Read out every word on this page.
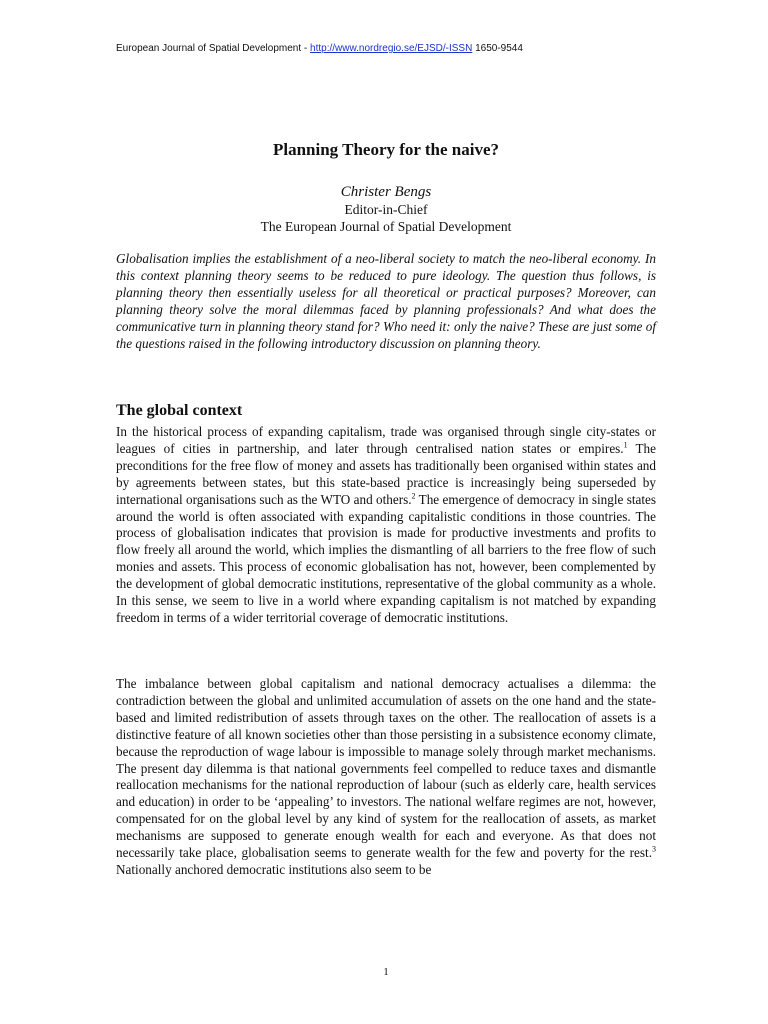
European Journal of Spatial Development - http://www.nordregio.se/EJSD/-ISSN 1650-9544
Planning Theory for the naive?
Christer Bengs
Editor-in-Chief
The European Journal of Spatial Development
Globalisation implies the establishment of a neo-liberal society to match the neo-liberal economy. In this context planning theory seems to be reduced to pure ideology. The question thus follows, is planning theory then essentially useless for all theoretical or practical purposes? Moreover, can planning theory solve the moral dilemmas faced by planning professionals? And what does the communicative turn in planning theory stand for? Who need it: only the naive? These are just some of the questions raised in the following introductory discussion on planning theory.
The global context
In the historical process of expanding capitalism, trade was organised through single city-states or leagues of cities in partnership, and later through centralised nation states or empires.$^1$ The preconditions for the free flow of money and assets has traditionally been organised within states and by agreements between states, but this state-based practice is increasingly being superseded by international organisations such as the WTO and others.$^2$ The emergence of democracy in single states around the world is often associated with expanding capitalistic conditions in those countries. The process of globalisation indicates that provision is made for productive investments and profits to flow freely all around the world, which implies the dismantling of all barriers to the free flow of such monies and assets. This process of economic globalisation has not, however, been complemented by the development of global democratic institutions, representative of the global community as a whole. In this sense, we seem to live in a world where expanding capitalism is not matched by expanding freedom in terms of a wider territorial coverage of democratic institutions.
The imbalance between global capitalism and national democracy actualises a dilemma: the contradiction between the global and unlimited accumulation of assets on the one hand and the state-based and limited redistribution of assets through taxes on the other. The reallocation of assets is a distinctive feature of all known societies other than those persisting in a subsistence economy climate, because the reproduction of wage labour is impossible to manage solely through market mechanisms. The present day dilemma is that national governments feel compelled to reduce taxes and dismantle reallocation mechanisms for the national reproduction of labour (such as elderly care, health services and education) in order to be ‘appealing’ to investors. The national welfare regimes are not, however, compensated for on the global level by any kind of system for the reallocation of assets, as market mechanisms are supposed to generate enough wealth for each and everyone. As that does not necessarily take place, globalisation seems to generate wealth for the few and poverty for the rest.$^3$ Nationally anchored democratic institutions also seem to be
1
